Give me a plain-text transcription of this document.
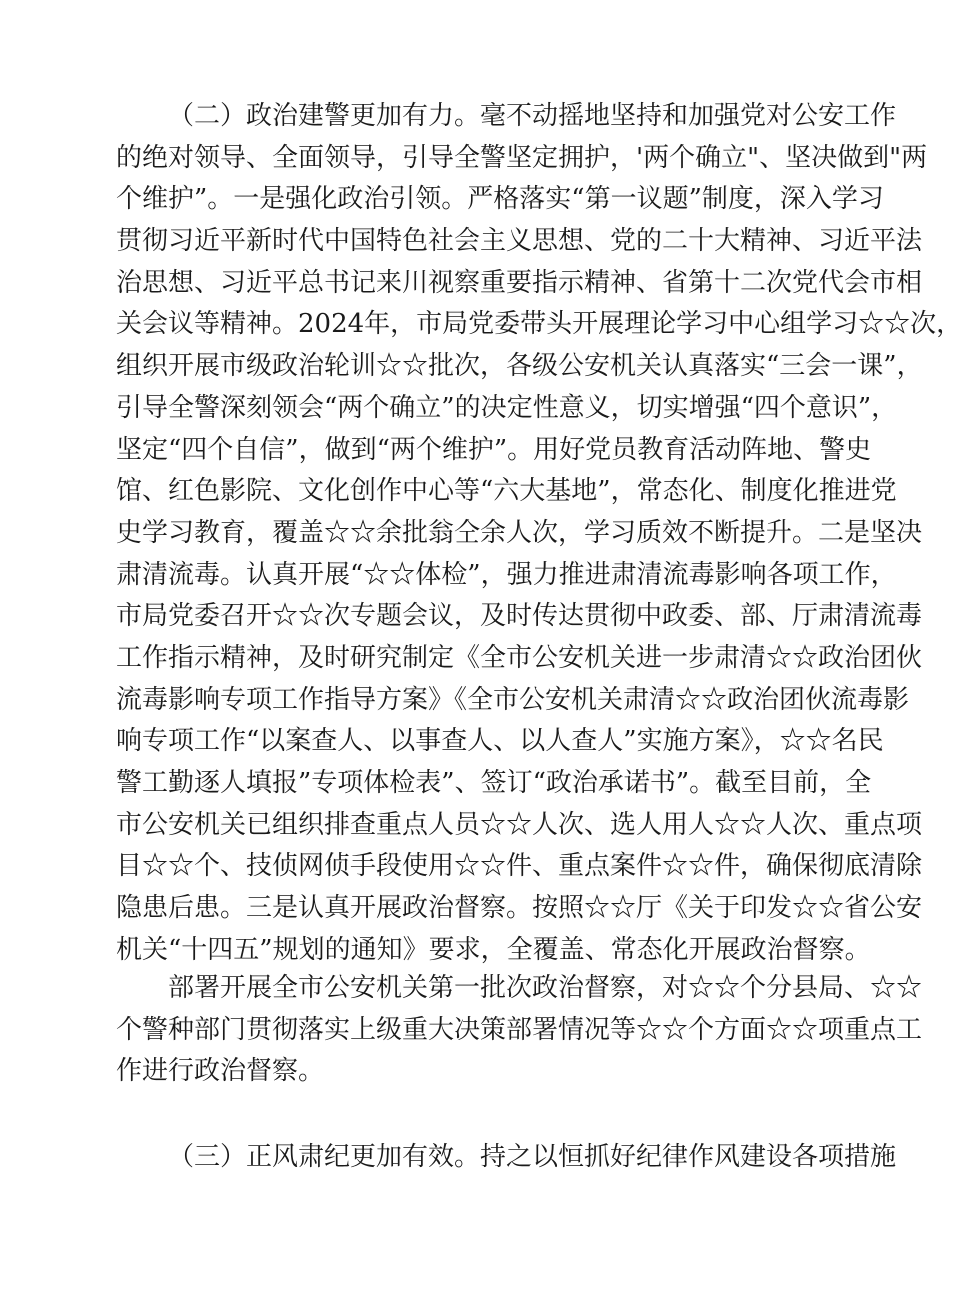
（二）政治建警更加有力。毫不动摇地坚持和加强党对公安工作
的绝对领导、全面领导，引导全警坚定拥护，'两个确立"、坚决做到"两
个维护”。一是强化政治引领。严格落实“第一议题”制度，深入学习
贯彻习近平新时代中国特色社会主义思想、党的二十大精神、习近平法
治思想、习近平总书记来川视察重要指示精神、省第十二次党代会市相
关会议等精神。2024年，市局党委带头开展理论学习中心组学习☆☆次，
组织开展市级政治轮训☆☆批次，各级公安机关认真落实“三会一课”，
引导全警深刻领会“两个确立”的决定性意义，切实增强“四个意识”，
坚定“四个自信”，做到“两个维护”。用好党员教育活动阵地、警史
馆、红色影院、文化创作中心等“六大基地”，常态化、制度化推进党
史学习教育，覆盖☆☆余批翁仝余人次，学习质效不断提升。二是坚决
肃清流毒。认真开展“☆☆体检”，强力推进肃清流毒影响各项工作，
市局党委召开☆☆次专题会议，及时传达贯彻中政委、部、厅肃清流毒
工作指示精神，及时研究制定《全市公安机关进一步肃清☆☆政治团伙
流毒影响专项工作指导方案》《全市公安机关肃清☆☆政治团伙流毒影
响专项工作“以案查人、以事查人、以人查人”实施方案》，☆☆名民
警工勤逐人填报”专项体检表”、签订“政治承诺书”。截至目前，全
市公安机关已组织排查重点人员☆☆人次、选人用人☆☆人次、重点项
目☆☆个、技侦网侦手段使用☆☆件、重点案件☆☆件，确保彻底清除
隐患后患。三是认真开展政治督察。按照☆☆厅《关于印发☆☆省公安
机关“十四五”规划的通知》要求，全覆盖、常态化开展政治督察。
部署开展全市公安机关第一批次政治督察，对☆☆个分县局、☆☆
个警种部门贯彻落实上级重大决策部署情况等☆☆个方面☆☆项重点工
作进行政治督察。
（三）正风肃纪更加有效。持之以恒抓好纪律作风建设各项措施
